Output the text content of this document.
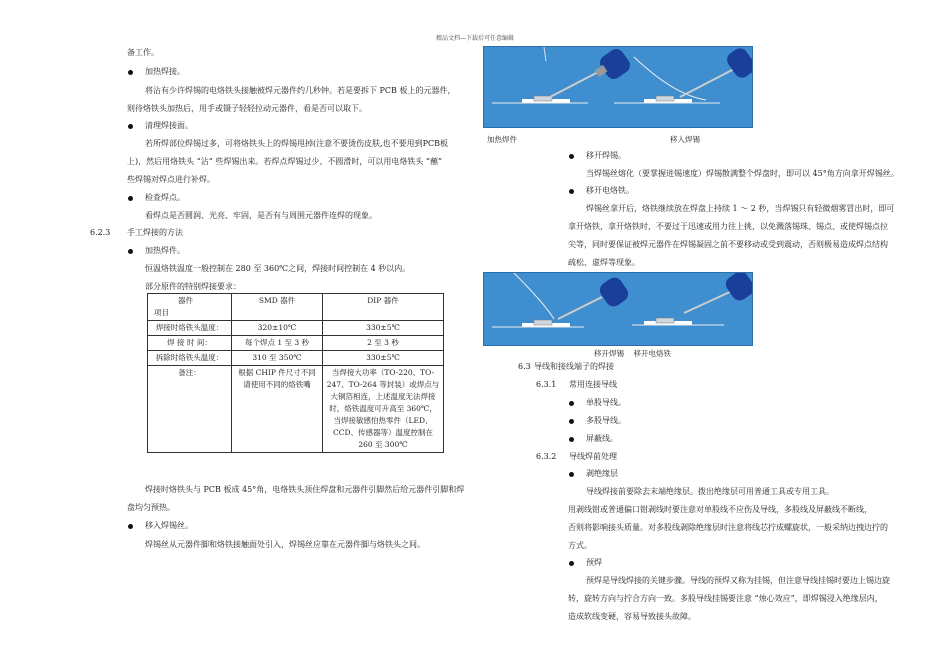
精品文档---下载后可任意编辑
备工作。
加热焊接。
将沾有少许焊锡的电烙铁头接触被焊元器件约几秒钟。若是要拆下 PCB 板上的元器件，
则待烙铁头加热后，用手或镊子轻轻拉动元器件，看是否可以取下。
清理焊接面。
若所焊部位焊锡过多，可将烙铁头上的焊锡甩掉(注意不要烫伤皮肤,也不要甩到PCB板
上)，然后用烙铁头 “沾” 些焊锡出来。若焊点焊锡过少、不圆滑时，可以用电烙铁头 “蘸”
些焊锡对焊点进行补焊。
检查焊点。
看焊点是否圆润、光亮、牢固，是否有与周围元器件连焊的现象。
6.2.3 手工焊接的方法
加热焊件。
恒温烙铁温度一般控制在 280 至 360℃之间，焊接时间控制在 4 秒以内。
部分原件的特别焊接要求：
器件
项目	SMD 器件	DIP 器件
焊接时烙铁头温度：	320±10℃	330±5℃
焊 接 时 间：	每个焊点 1 至 3 秒	2 至 3 秒
拆除时烙铁头温度：	310 至 350℃	330±5℃
备注：	根据 CHIP 件尺寸不同请使用不同的烙铁嘴	当焊接大功率（TO-220、TO-247、TO-264 等封装）或焊点与大铜箔相连，上述温度无法焊接时，烙铁温度可升高至 360℃，当焊接敏感怕热零件（LED、CCD、传感器等）温度控制在 260 至 300℃
焊接时烙铁头与 PCB 板成 45°角，电烙铁头顶住焊盘和元器件引脚然后给元器件引脚和焊
盘均匀预热。
移入焊锡丝。
焊锡丝从元器件脚和烙铁接触面处引入，焊锡丝应靠在元器件脚与烙铁头之间。
加热焊件	移入焊锡
移开焊锡。
当焊锡丝熔化（要掌握进锡速度）焊锡散满整个焊盘时，即可以 45°角方向拿开焊锡丝。
移开电烙铁。
焊锡丝拿开后，烙铁继续放在焊盘上持续 1 ～ 2 秒，当焊锡只有轻微烟雾冒出时，即可
拿开烙铁，拿开烙铁时，不要过于迅速或用力往上挑，以免溅落锡珠、锡点、或使焊锡点拉
尖等，同时要保证被焊元器件在焊锡凝固之前不要移动或受到震动，否则极易造成焊点结构
疏松、虚焊等现象。
移开焊锡    移开电烙铁
6.3 导线和接线端子的焊接
6.3.1 常用连接导线
单股导线。
多股导线。
屏蔽线。
6.3.2 导线焊前处理
剥绝缘层
导线焊接前要除去末端绝缘层。拨出绝缘层可用普通工具或专用工具。
用剥线钳或普通偏口钳剥线时要注意对单股线不应伤及导线，多股线及屏蔽线不断线，
否则将影响接头质量。对多股线剥除绝缘层时注意将线芯拧成螺旋状，一般采纳边拽边拧的
方式。
预焊
预焊是导线焊接的关键步骤。导线的预焊又称为挂锡，但注意导线挂锡时要边上锡边旋
转，旋转方向与拧合方向一致。多股导线挂锡要注意 “烛心效应”，即焊锡浸入绝缘层内，
造成软线变硬，容易导致接头故障。
